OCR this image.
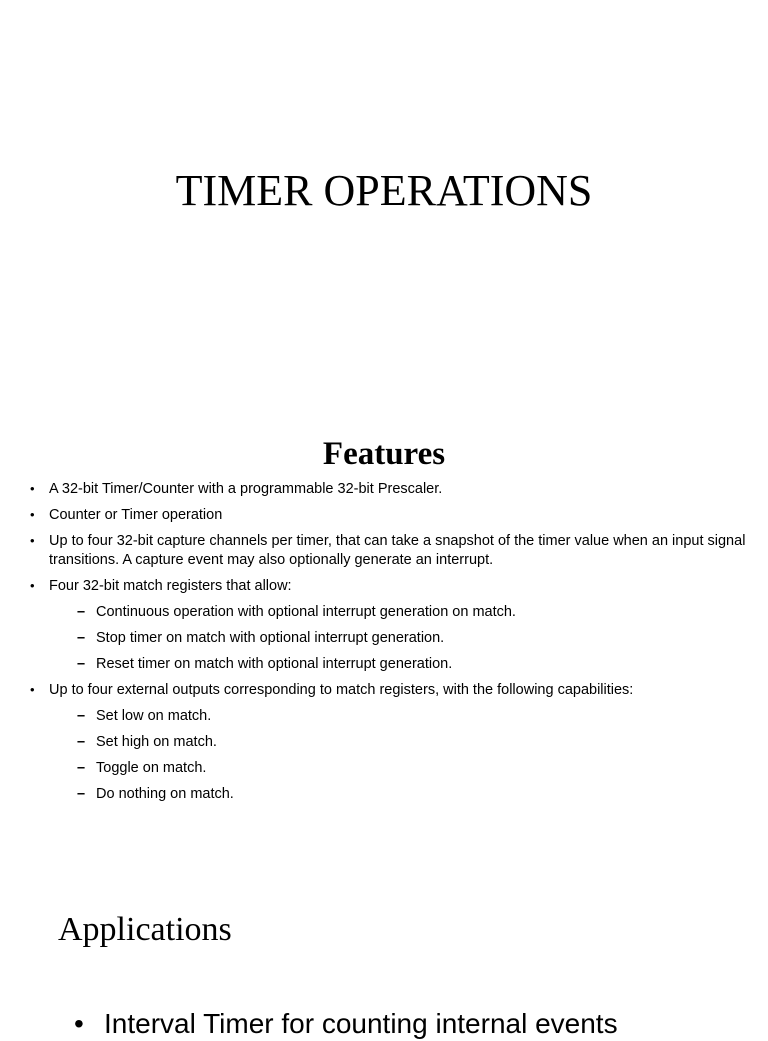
TIMER OPERATIONS
Features
• A 32-bit Timer/Counter with a programmable 32-bit Prescaler.
• Counter or Timer operation
• Up to four 32-bit capture channels per timer, that can take a snapshot of the timer value when an input signal transitions. A capture event may also optionally generate an interrupt.
• Four 32-bit match registers that allow:
– Continuous operation with optional interrupt generation on match.
– Stop timer on match with optional interrupt generation.
– Reset timer on match with optional interrupt generation.
• Up to four external outputs corresponding to match registers, with the following capabilities:
– Set low on match.
– Set high on match.
– Toggle on match.
– Do nothing on match.
Applications
• Interval Timer for counting internal events
